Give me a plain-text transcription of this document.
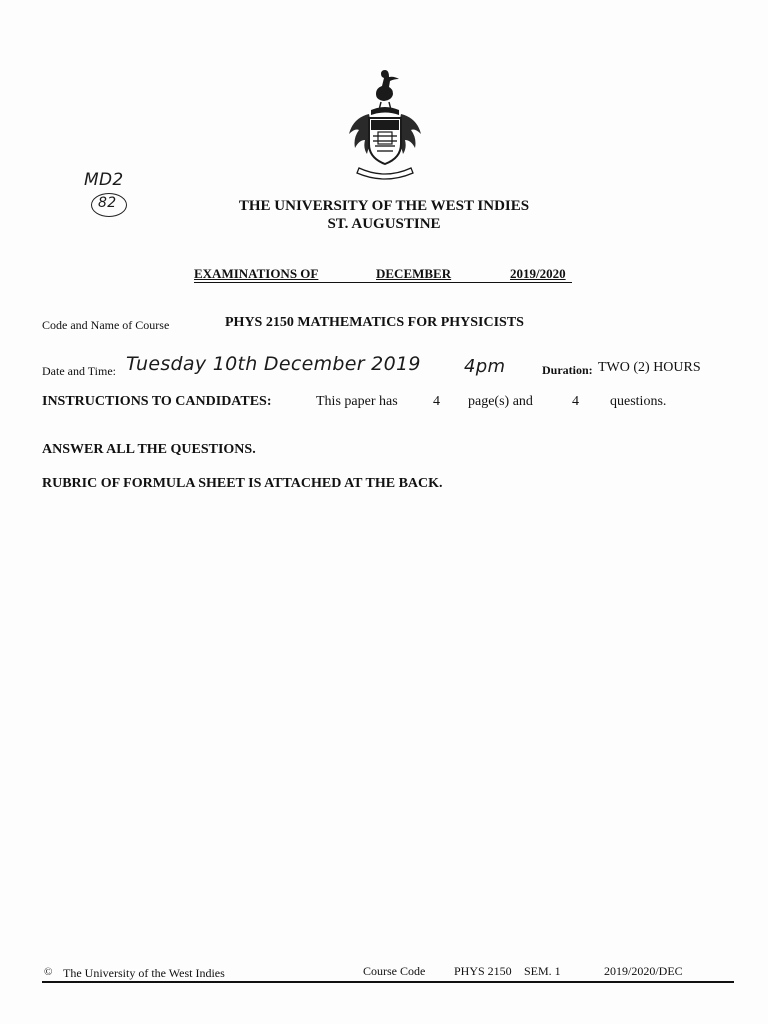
MD2
82	THE UNIVERSITY OF THE WEST INDIES
ST. AUGUSTINE
EXAMINATIONS OF	DECEMBER	2019/2020
Code and Name of Course	PHYS 2150 MATHEMATICS FOR PHYSICISTS
Date and Time: Tuesday 10th December 2019 4pm	Duration: TWO (2) HOURS
INSTRUCTIONS TO CANDIDATES:	This paper has	4 page(s) and	4 questions.
ANSWER ALL THE QUESTIONS.
RUBRIC OF FORMULA SHEET IS ATTACHED AT THE BACK.
© The University of the West Indies	Course Code PHYS 2150 SEM. 1	2019/2020/DEC
